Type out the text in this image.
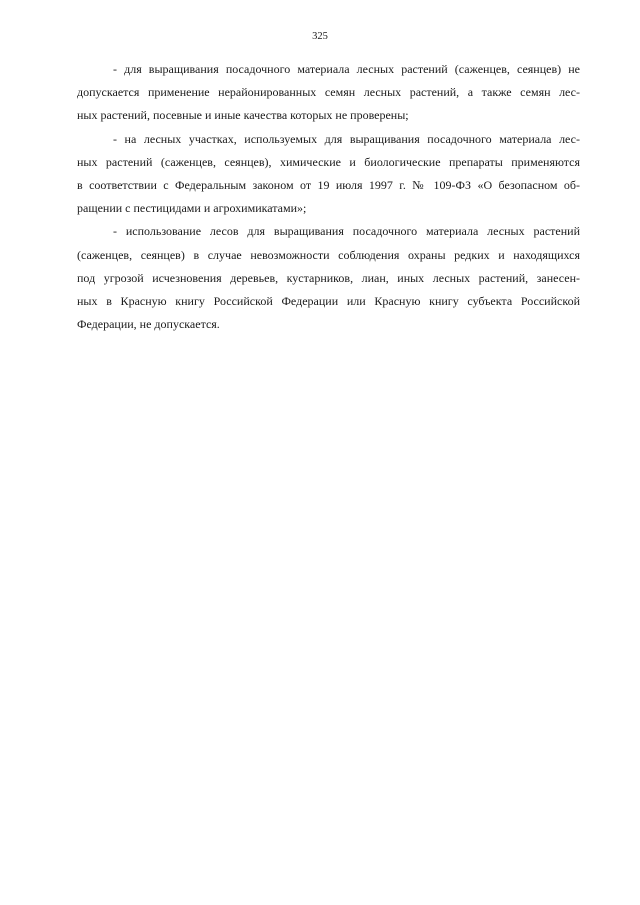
325
- для выращивания посадочного материала лесных растений (саженцев, сеянцев) не
допускается применение нерайонированных семян лесных растений, а также семян лес-
ных растений, посевные и иные качества которых не проверены;
- на лесных участках, используемых для выращивания посадочного материала лес-
ных растений (саженцев, сеянцев), химические и биологические препараты применяются
в соответствии с Федеральным законом от 19 июля 1997 г. № 109-ФЗ «О безопасном об-
ращении с пестицидами и агрохимикатами»;
- использование лесов для выращивания посадочного материала лесных растений
(саженцев, сеянцев) в случае невозможности соблюдения охраны редких и находящихся
под угрозой исчезновения деревьев, кустарников, лиан, иных лесных растений, занесен-
ных в Красную книгу Российской Федерации или Красную книгу субъекта Российской
Федерации, не допускается.
